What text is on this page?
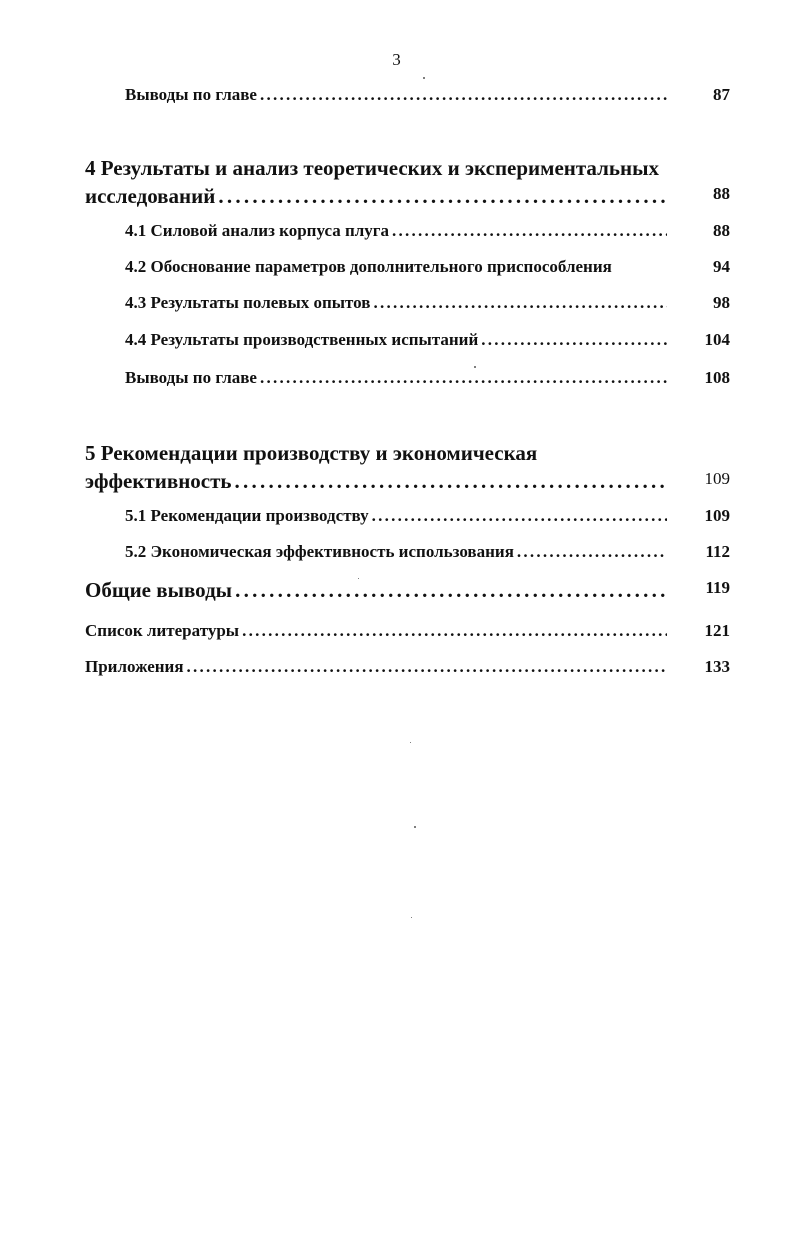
3
Выводы по главе . . .	87
4 Результаты и анализ теоретических и экспериментальных
исследований . . .	88
4.1 Силовой анализ корпуса плуга . . .	88
4.2 Обоснование параметров дополнительного приспособления	94
4.3 Результаты полевых опытов . . .	98
4.4 Результаты производственных испытаний . . .	104
Выводы по главе . . .	108
5 Рекомендации производству и экономическая
эффективность . . .	109
5.1 Рекомендации производству . . .	109
5.2 Экономическая эффективность использования . . .	112
Общие выводы . . .	119
Список литературы . . .	121
Приложения . . .	133
